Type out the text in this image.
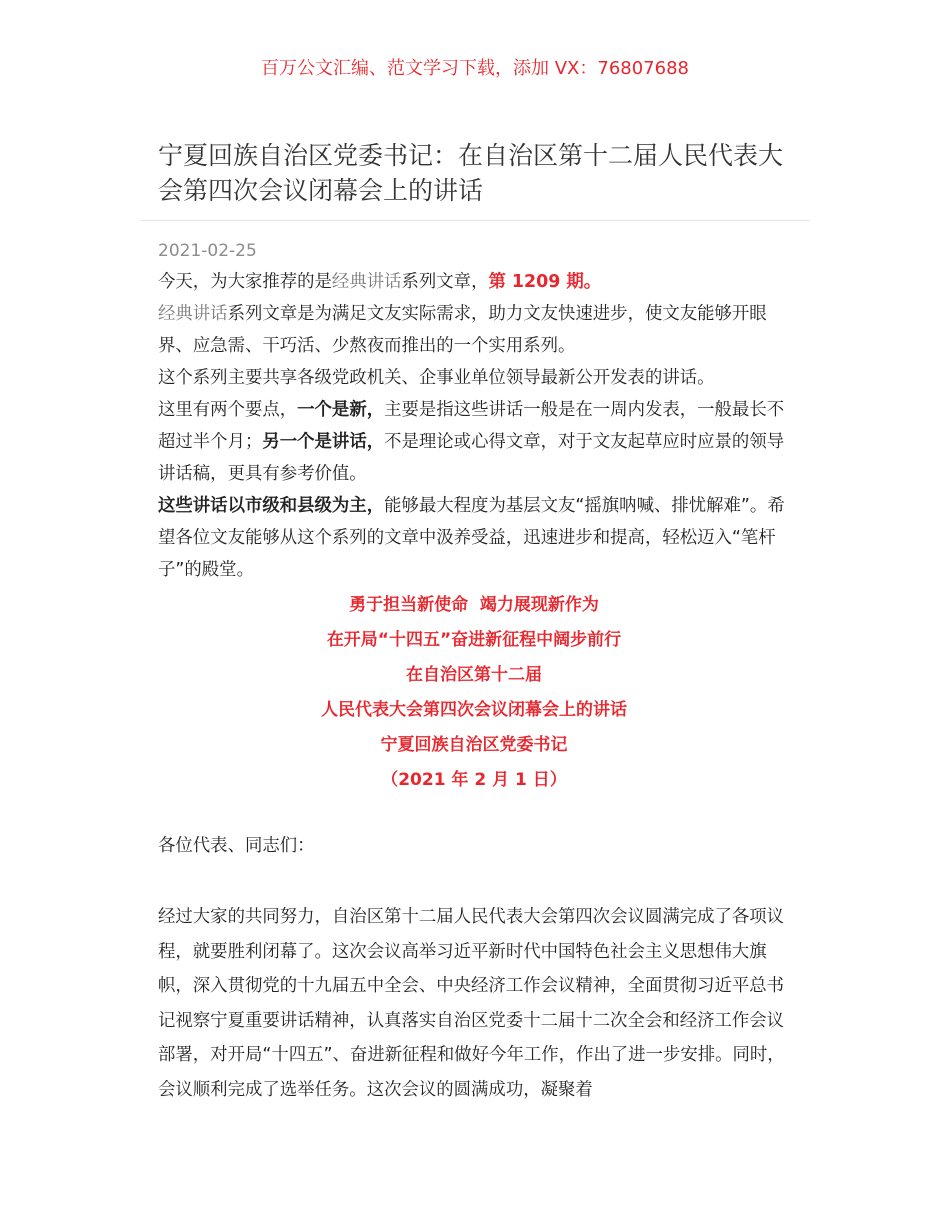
百万公文汇编、范文学习下载，添加 VX：76807688
宁夏回族自治区党委书记：在自治区第十二届人民代表大会第四次会议闭幕会上的讲话
2021-02-25

今天，为大家推荐的是经典讲话系列文章，第 1209 期。

经典讲话系列文章是为满足文友实际需求，助力文友快速进步，使文友能够开眼界、应急需、干巧活、少熬夜而推出的一个实用系列。

这个系列主要共享各级党政机关、企事业单位领导最新公开发表的讲话。

这里有两个要点，一个是新，主要是指这些讲话一般是在一周内发表，一般最长不超过半个月；另一个是讲话，不是理论或心得文章，对于文友起草应时应景的领导讲话稿，更具有参考价值。

这些讲话以市级和县级为主，能够最大程度为基层文友“摇旗呐喊、排忧解难”。希望各位文友能够从这个系列的文章中汲养受益，迅速进步和提高，轻松迈入“笔杆子”的殿堂。

勇于担当新使命  竭力展现新作为

在开局“十四五”奋进新征程中阔步前行

在自治区第十二届

人民代表大会第四次会议闭幕会上的讲话

宁夏回族自治区党委书记

（2021 年 2 月 1 日）

各位代表、同志们：

经过大家的共同努力，自治区第十二届人民代表大会第四次会议圆满完成了各项议程，就要胜利闭幕了。这次会议高举习近平新时代中国特色社会主义思想伟大旗帜，深入贯彻党的十九届五中全会、中央经济工作会议精神，全面贯彻习近平总书记视察宁夏重要讲话精神，认真落实自治区党委十二届十二次全会和经济工作会议部署，对开局“十四五”、奋进新征程和做好今年工作，作出了进一步安排。同时，会议顺利完成了选举任务。这次会议的圆满成功，凝聚着
